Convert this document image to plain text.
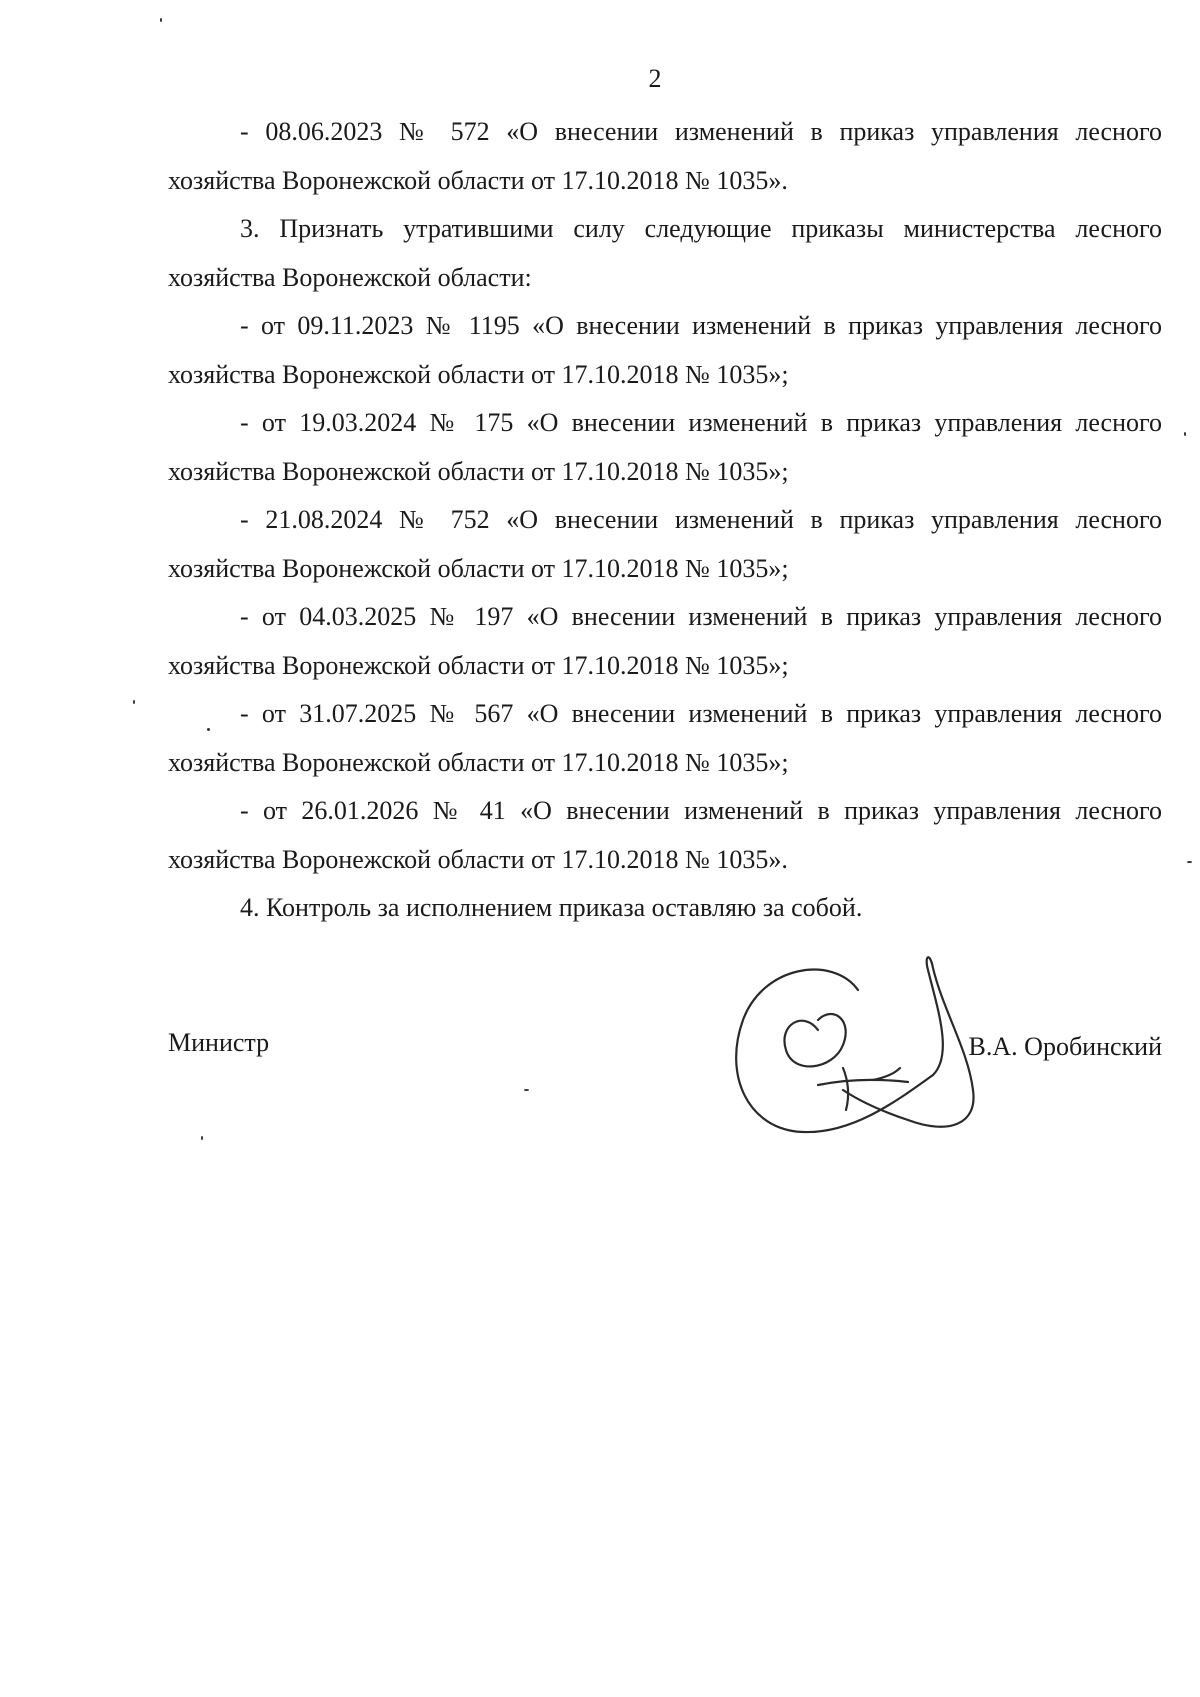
2

- 08.06.2023 № 572 «О внесении изменений в приказ управления лесного хозяйства Воронежской области от 17.10.2018 № 1035».

3. Признать утратившими силу следующие приказы министерства лесного хозяйства Воронежской области:

- от 09.11.2023 № 1195 «О внесении изменений в приказ управления лесного хозяйства Воронежской области от 17.10.2018 № 1035»;

- от 19.03.2024 № 175 «О внесении изменений в приказ управления лесного хозяйства Воронежской области от 17.10.2018 № 1035»;

- 21.08.2024 № 752 «О внесении изменений в приказ управления лесного хозяйства Воронежской области от 17.10.2018 № 1035»;

- от 04.03.2025 № 197 «О внесении изменений в приказ управления лесного хозяйства Воронежской области от 17.10.2018 № 1035»;

- от 31.07.2025 № 567 «О внесении изменений в приказ управления лесного хозяйства Воронежской области от 17.10.2018 № 1035»;

- от 26.01.2026 № 41 «О внесении изменений в приказ управления лесного хозяйства Воронежской области от 17.10.2018 № 1035».

4. Контроль за исполнением приказа оставляю за собой.

Министр	В.А. Оробинский
